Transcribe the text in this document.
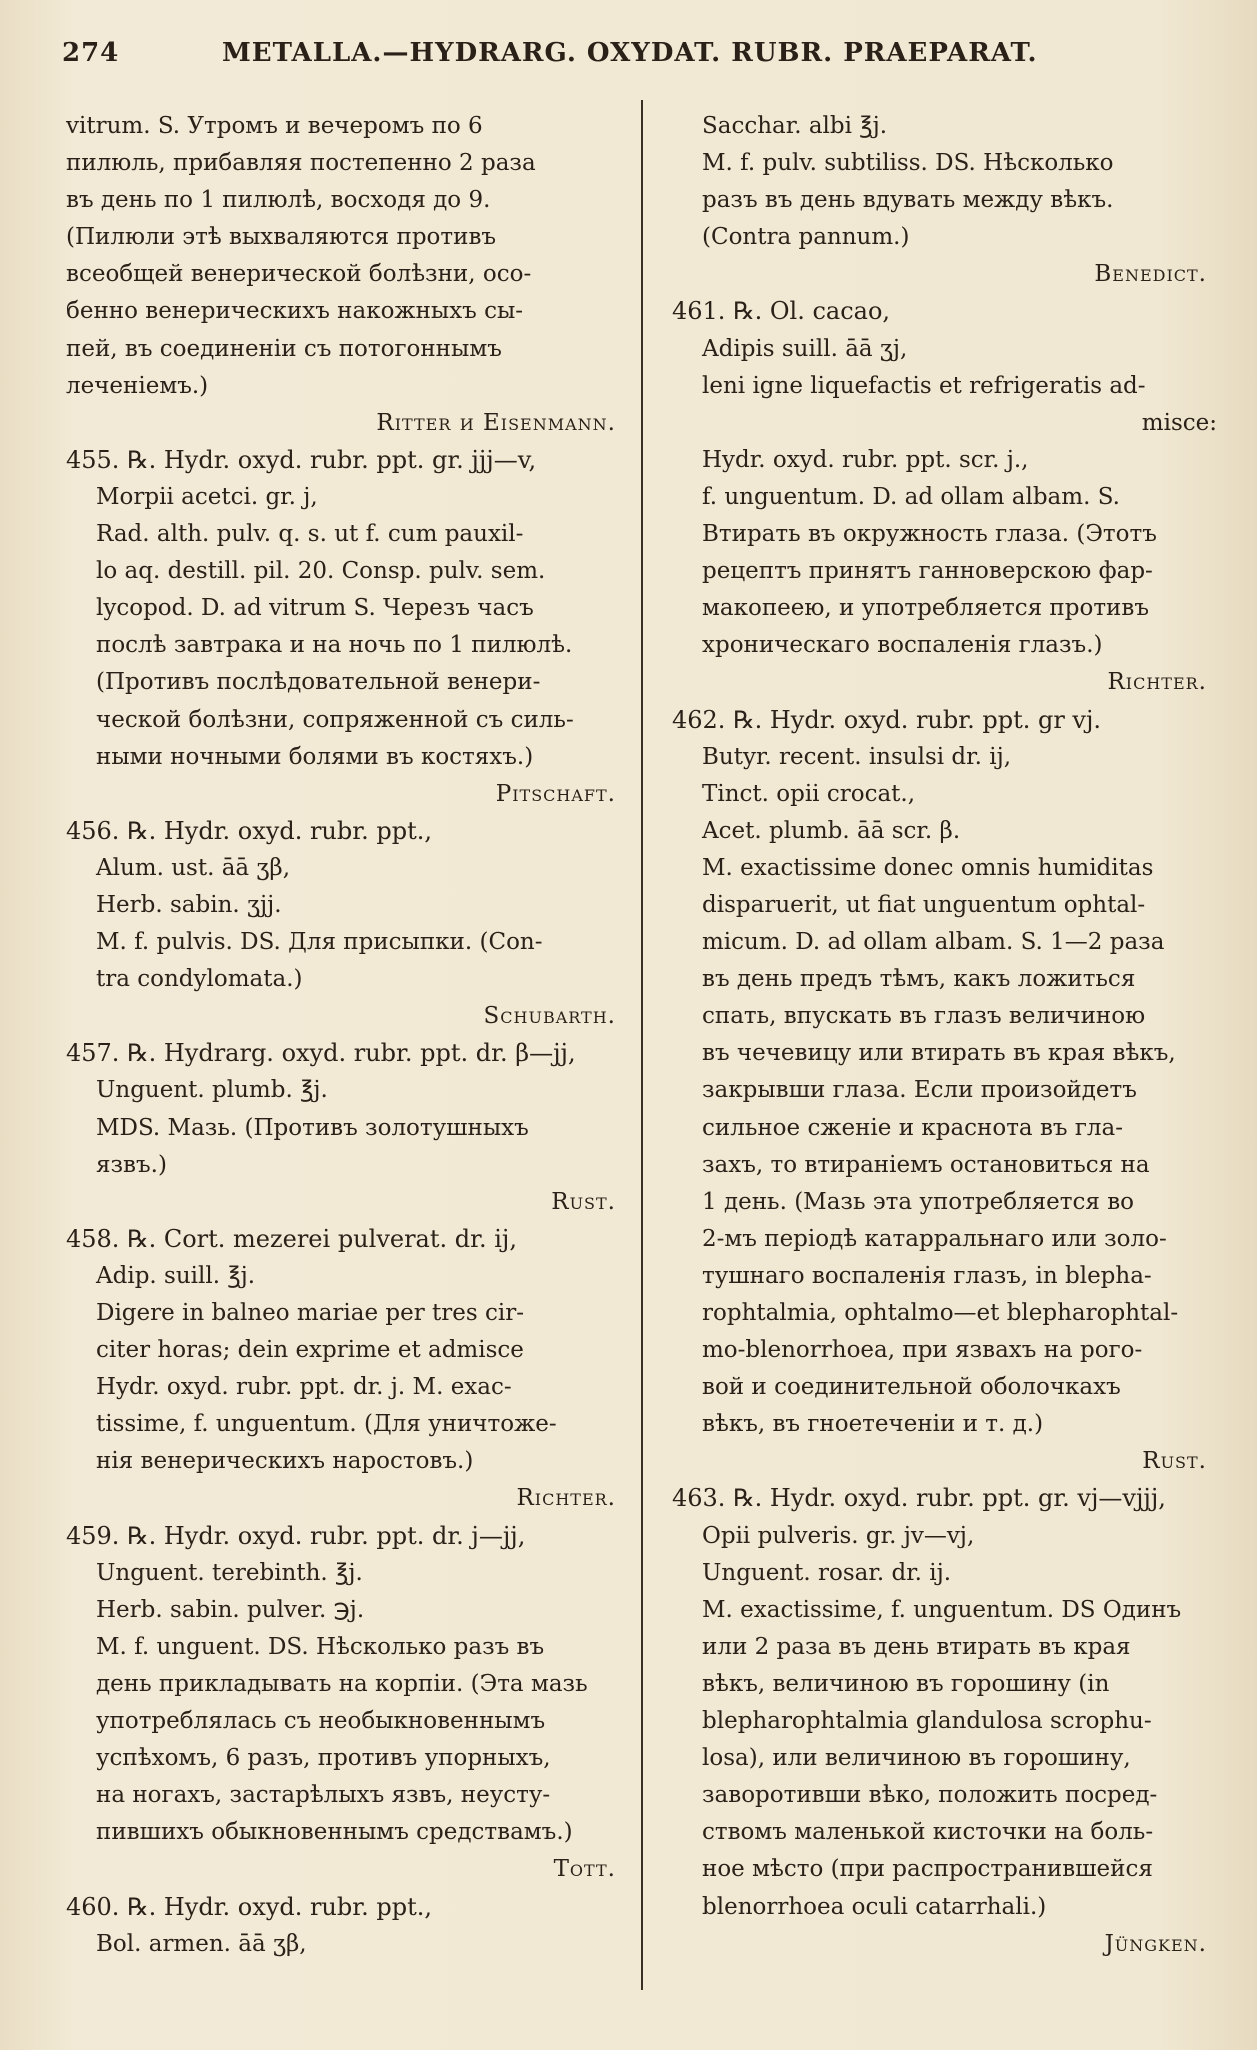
274	METALLA.—HYDRARG. OXYDAT. RUBR. PRAEPARAT.
vitrum. S. Утромъ и вечеромъ по 6
пилюль, прибавляя постепенно 2 раза
въ день по 1 пилюлѣ, восходя до 9.
(Пилюли этѣ выхваляются противъ
всеобщей венерической болѣзни, осо-
бенно венерическихъ накожныхъ сы-
пей, въ соединеніи съ потогоннымъ
леченіемъ.)
Ritter и Eisenmann.
455. ℞. Hydr. oxyd. rubr. ppt. gr. jjj—v,
Morpii acetci. gr. j,
Rad. alth. pulv. q. s. ut f. cum pauxil-
lo aq. destill. pil. 20. Consp. pulv. sem.
lycopod. D. ad vitrum S. Черезъ часъ
послѣ завтрака и на ночь по 1 пилюлѣ.
(Противъ послѣдовательной венери-
ческой болѣзни, сопряженной съ силь-
ными ночными болями въ костяхъ.)
Pitschaft.
456. ℞. Hydr. oxyd. rubr. ppt.,
Alum. ust. āā ʒβ,
Herb. sabin. ʒjj.
M. f. pulvis. DS. Для присыпки. (Con-
tra condylomata.)
Schubarth.
457. ℞. Hydrarg. oxyd. rubr. ppt. dr. β—jj,
Unguent. plumb. ℥j.
MDS. Мазь. (Противъ золотушныхъ
язвъ.)
Rust.
458. ℞. Cort. mezerei pulverat. dr. ij,
Adip. suill. ℥j.
Digere in balneo mariae per tres cir-
citer horas; dein exprime et admisce
Hydr. oxyd. rubr. ppt. dr. j. M. exac-
tissime, f. unguentum. (Для уничтоже-
нія венерическихъ наростовъ.)
Richter.
459. ℞. Hydr. oxyd. rubr. ppt. dr. j—jj,
Unguent. terebinth. ℥j.
Herb. sabin. pulver. ℈j.
M. f. unguent. DS. Нѣсколько разъ въ
день прикладывать на корпіи. (Эта мазь
употреблялась съ необыкновеннымъ
успѣхомъ, 6 разъ, противъ упорныхъ,
на ногахъ, застарѣлыхъ язвъ, неусту-
пившихъ обыкновеннымъ средствамъ.)
Tott.
460. ℞. Hydr. oxyd. rubr. ppt.,
Bol. armen. āā ʒβ,
Sacchar. albi ℥j.
M. f. pulv. subtiliss. DS. Нѣсколько
разъ въ день вдувать между вѣкъ.
(Contra pannum.)
Benedict.
461. ℞. Ol. cacao,
Adipis suill. āā ʒj,
leni igne liquefactis et refrigeratis ad-
misce:
Hydr. oxyd. rubr. ppt. scr. j.,
f. unguentum. D. ad ollam albam. S.
Втирать въ окружность глаза. (Этотъ
рецептъ принятъ ганноверскою фар-
макопеею, и употребляется противъ
хроническаго воспаленія глазъ.)
Richter.
462. ℞. Hydr. oxyd. rubr. ppt. gr vj.
Butyr. recent. insulsi dr. ij,
Tinct. opii crocat.,
Acet. plumb. āā scr. β.
M. exactissime donec omnis humiditas
disparuerit, ut fiat unguentum ophtal-
micum. D. ad ollam albam. S. 1—2 раза
въ день предъ тѣмъ, какъ ложиться
спать, впускать въ глазъ величиною
въ чечевицу или втирать въ края вѣкъ,
закрывши глаза. Если произойдетъ
сильное сженіе и краснота въ гла-
захъ, то втираніемъ остановиться на
1 день. (Мазь эта употребляется во
2-мъ періодѣ катарральнаго или золо-
тушнаго воспаленія глазъ, in blepha-
rophtalmia, ophtalmo—et blepharophtal-
mo-blenorrhoea, при язвахъ на рого-
вой и соединительной оболочкахъ
вѣкъ, въ гноетеченіи и т. д.)
Rust.
463. ℞. Hydr. oxyd. rubr. ppt. gr. vj—vjjj,
Opii pulveris. gr. jv—vj,
Unguent. rosar. dr. ij.
M. exactissime, f. unguentum. DS Одинъ
или 2 раза въ день втирать въ края
вѣкъ, величиною въ горошину (in
blepharophtalmia glandulosa scrophu-
losa), или величиною въ горошину,
заворотивши вѣко, положить посред-
ствомъ маленькой кисточки на боль-
ное мѣсто (при распространившейся
blenorrhoea oculi catarrhali.)
Jüngken.
